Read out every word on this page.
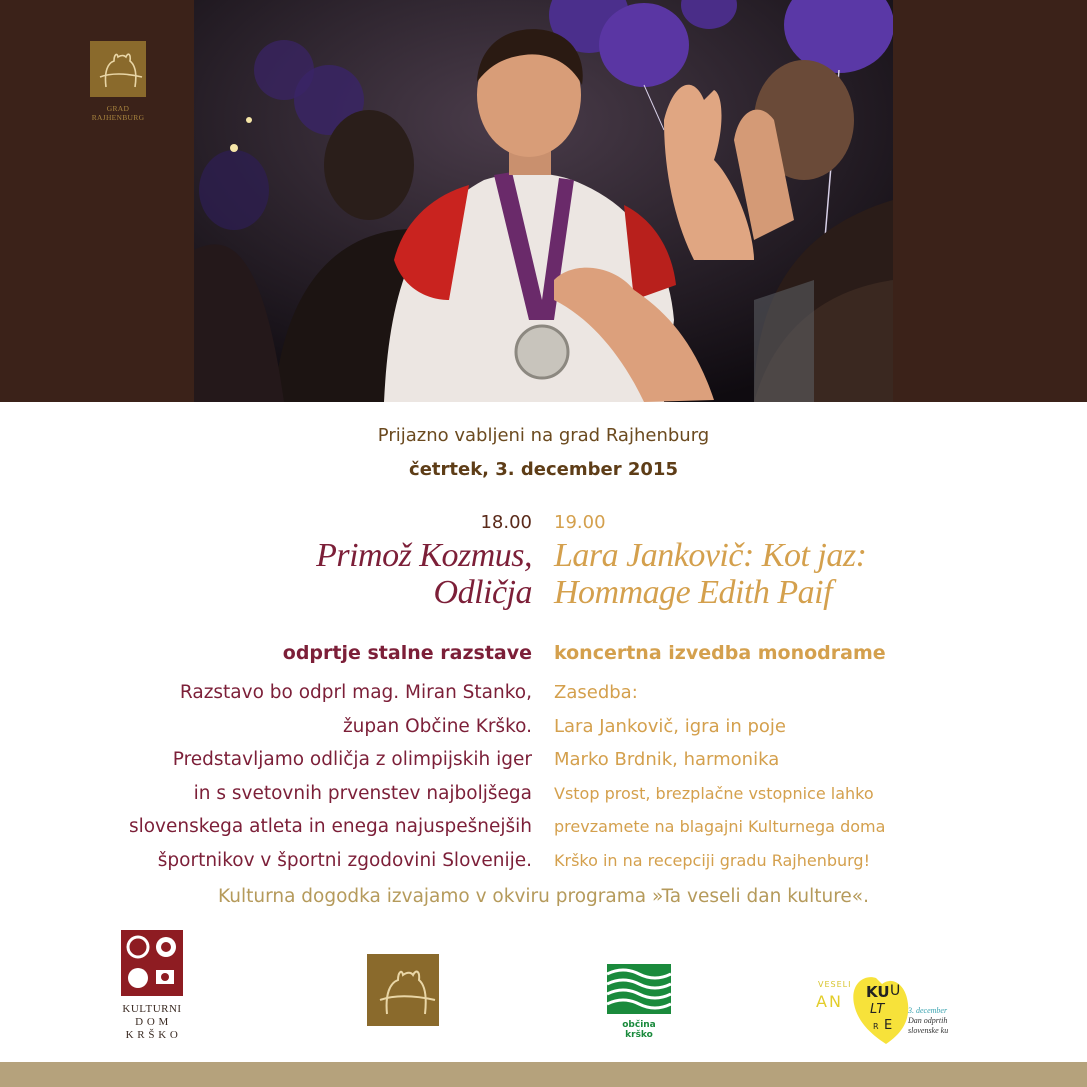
GRAD
RAJHENBURG
Prijazno vabljeni na grad Rajhenburg
četrtek, 3. december 2015
18.00
Primož Kozmus,
Odličja
odprtje stalne razstave
Razstavo bo odprl mag. Miran Stanko,
župan Občine Krško.
Predstavljamo odličja z olimpijskih iger
in s svetovnih prvenstev najboljšega
slovenskega atleta in enega najuspešnejših
športnikov v športni zgodovini Slovenije.
19.00
Lara Jankovič: Kot jaz:
Hommage Edith Paif
koncertna izvedba monodrame
Zasedba:
Lara Jankovič, igra in poje
Marko Brdnik, harmonika
Vstop prost, brezplačne vstopnice lahko
prevzamete na blagajni Kulturnega doma
Krško in na recepciji gradu Rajhenburg!
Kulturna dogodka izvajamo v okviru programa »Ta veseli dan kulture«.
KULTURNI
D O M
K R Š K O
občina krško
VESELI
AN KU U
LT
R E
3. december
Dan odprtih
slovenske ku
